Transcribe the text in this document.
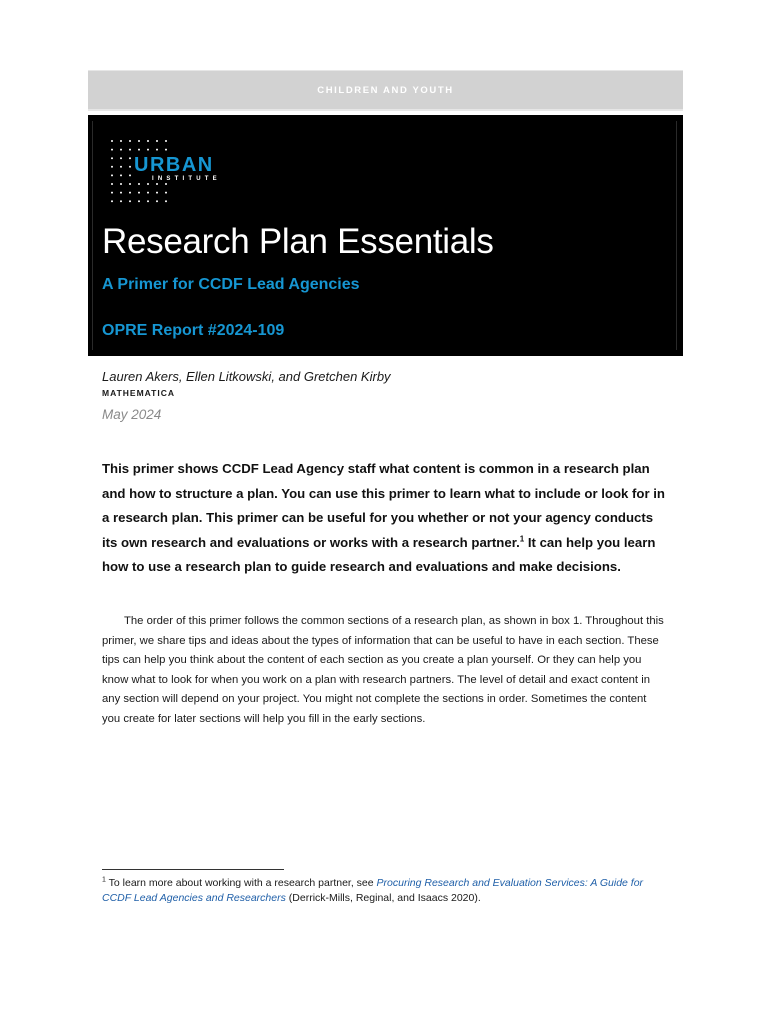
CHILDREN AND YOUTH
URBAN
INSTITUTE
Research Plan Essentials
A Primer for CCDF Lead Agencies
OPRE Report #2024-109
Lauren Akers, Ellen Litkowski, and Gretchen Kirby
MATHEMATICA
May 2024

This primer shows CCDF Lead Agency staff what content is common in a research plan and how to structure a plan. You can use this primer to learn what to include or look for in a research plan. This primer can be useful for you whether or not your agency conducts its own research and evaluations or works with a research partner.$^1$ It can help you learn how to use a research plan to guide research and evaluations and make decisions.

The order of this primer follows the common sections of a research plan, as shown in box 1. Throughout this primer, we share tips and ideas about the types of information that can be useful to have in each section. These tips can help you think about the content of each section as you create a plan yourself. Or they can help you know what to look for when you work on a plan with research partners. The level of detail and exact content in any section will depend on your project. You might not complete the sections in order. Sometimes the content you create for later sections will help you fill in the early sections.

$^1$ To learn more about working with a research partner, see Procuring Research and Evaluation Services: A Guide for CCDF Lead Agencies and Researchers (Derrick-Mills, Reginal, and Isaacs 2020).
